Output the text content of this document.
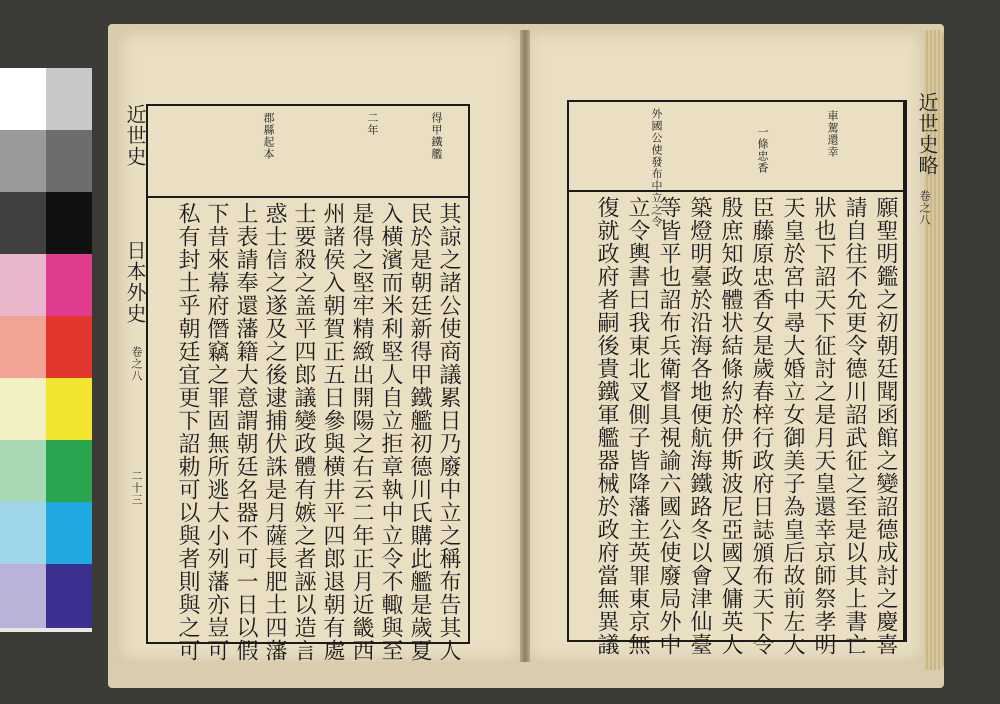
近世史略
卷之八
近世史
日本外史
卷之八
二十三
車駕還幸
一條忠香
外國公使發布中立之令
得甲鐵艦
二年
郡縣起本
願聖明鑑之初朝廷聞函館之變詔德成討之慶喜
請自往不允更令德川詔武征之至是以其上書亡
狀也下詔天下征討之是月天皇還幸京師祭孝明
天皇於宮中尋大婚立女御美子為皇后故前左大
臣藤原忠香女是歲春梓行政府日誌頒布天下令
殷庶知政體状結條約於伊斯波尼亞國又傭英人
築燈明臺於沿海各地便航海鐵路冬以會津仙臺
等皆平也詔布兵衛督具視諭六國公使廢局外中
立令輿書曰我東北叉側子皆降藩主英罪東京無
復就政府者嗣後貴鐵軍艦器械於政府當無異議
其諒之諸公使商議累日乃廢中立之稱布告其人
民於是朝廷新得甲鐵艦初德川氏購此艦是歲夏
入横濱而米利堅人自立拒章執中立令不輙與至
是得之堅牢精緻出開陽之右云二年正月近畿西
州諸侯入朝賀正五日參與横井平四郎退朝有處
士要殺之盖平四郎議變政體有嫉之者誣以造言
惑士信之遂及之後逮捕伏誅是月薩長肥土四藩
上表請奉還藩籍大意謂朝廷名器不可一日以假
下昔來幕府僭竊之罪固無所逃大小列藩亦豈可
私有封土乎朝廷宜更下詔勅可以與者則與之可
